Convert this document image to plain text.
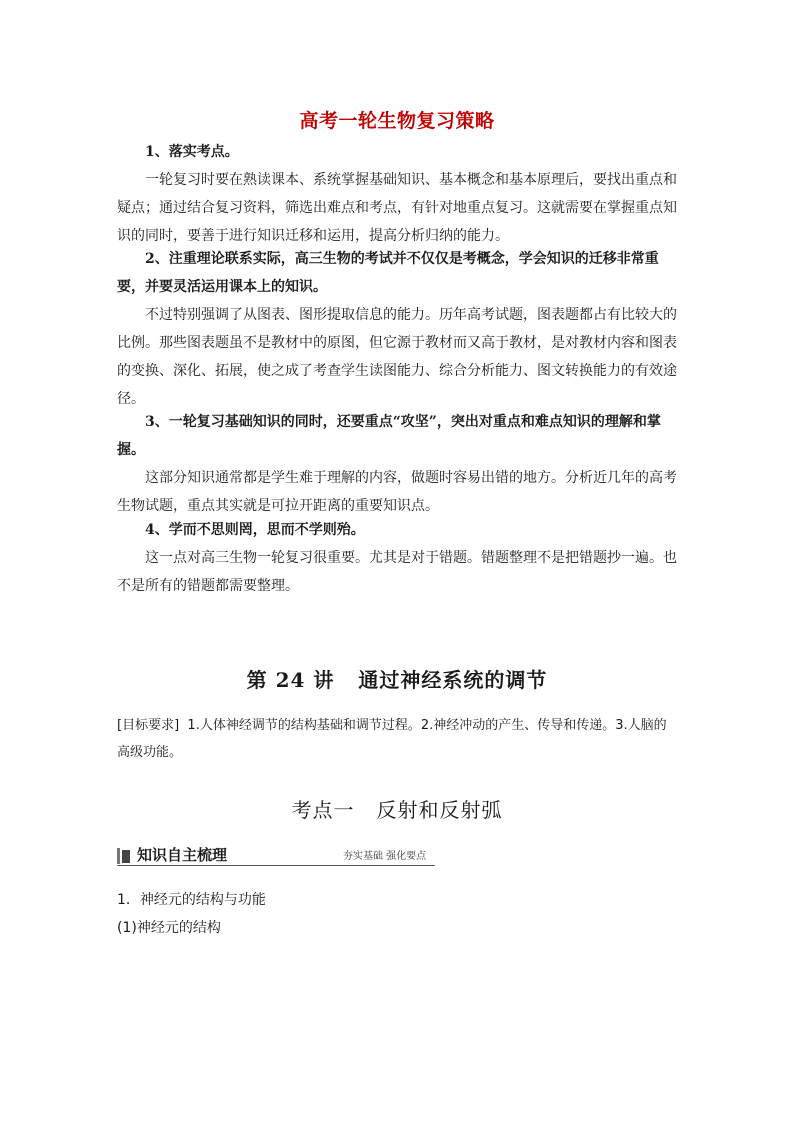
高考一轮生物复习策略
1、落实考点。
一轮复习时要在熟读课本、系统掌握基础知识、基本概念和基本原理后，要找出重点和疑点；通过结合复习资料，筛选出难点和考点，有针对地重点复习。这就需要在掌握重点知识的同时，要善于进行知识迁移和运用，提高分析归纳的能力。
2、注重理论联系实际，高三生物的考试并不仅仅是考概念，学会知识的迁移非常重要，并要灵活运用课本上的知识。
不过特别强调了从图表、图形提取信息的能力。历年高考试题，图表题都占有比较大的比例。那些图表题虽不是教材中的原图，但它源于教材而又高于教材，是对教材内容和图表的变换、深化、拓展，使之成了考查学生读图能力、综合分析能力、图文转换能力的有效途径。
3、一轮复习基础知识的同时，还要重点“攻坚”，突出对重点和难点知识的理解和掌握。
这部分知识通常都是学生难于理解的内容，做题时容易出错的地方。分析近几年的高考生物试题，重点其实就是可拉开距离的重要知识点。
4、学而不思则罔，思而不学则殆。
这一点对高三生物一轮复习很重要。尤其是对于错题。错题整理不是把错题抄一遍。也不是所有的错题都需要整理。
第 24 讲 通过神经系统的调节
[目标要求] 1.人体神经调节的结构基础和调节过程。2.神经冲动的产生、传导和传递。3.人脑的高级功能。
考点一 反射和反射弧
知识自主梳理	夯实基础 强化要点
1．神经元的结构与功能
(1)神经元的结构
